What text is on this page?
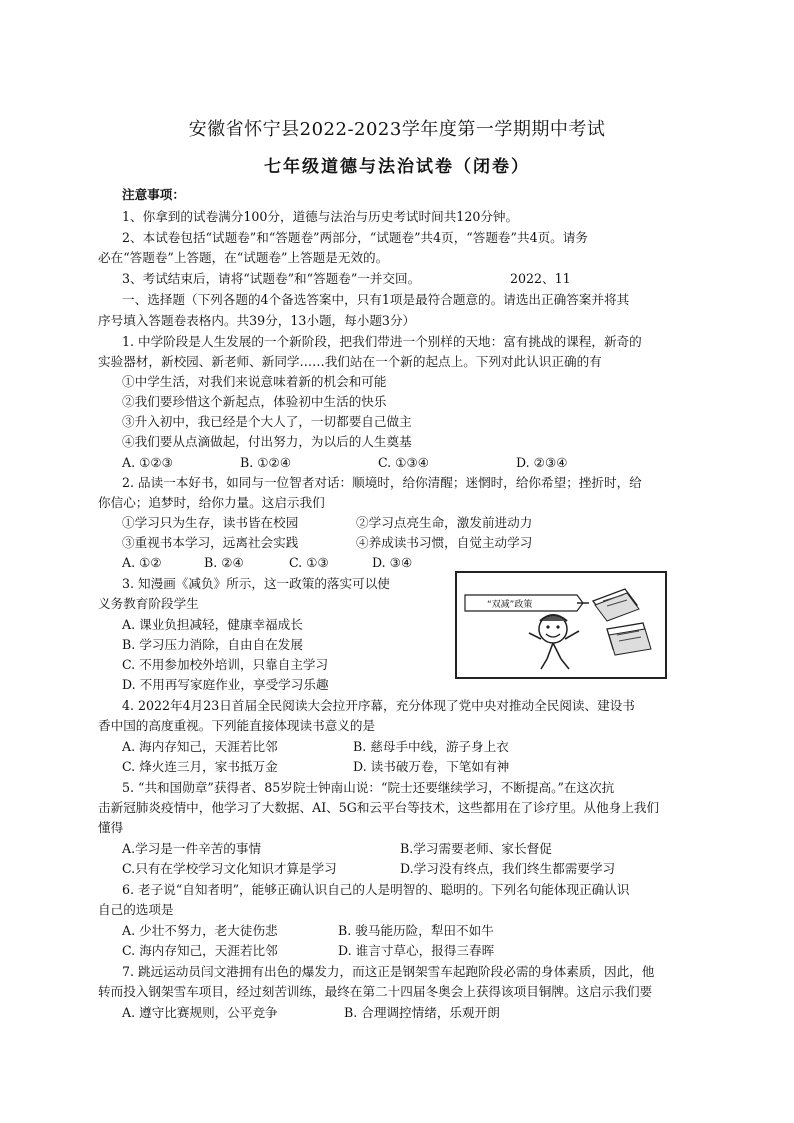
安徽省怀宁县2022-2023学年度第一学期期中考试
七年级道德与法治试卷（闭卷）
注意事项：
1、你拿到的试卷满分100分，道德与法治与历史考试时间共120分钟。
2、本试卷包括“试题卷”和“答题卷”两部分，“试题卷”共4页，“答题卷”共4页。请务
必在“答题卷”上答题，在“试题卷”上答题是无效的。
3、考试结束后，请将“试题卷”和“答题卷”一并交回。	2022、11
一、选择题（下列各题的4个备选答案中，只有1项是最符合题意的。请选出正确答案并将其
序号填入答题卷表格内。共39分，13小题，每小题3分）
1. 中学阶段是人生发展的一个新阶段，把我们带进一个别样的天地：富有挑战的课程，新奇的
实验器材，新校园、新老师、新同学……我们站在一个新的起点上。下列对此认识正确的有
①中学生活，对我们来说意味着新的机会和可能
②我们要珍惜这个新起点，体验初中生活的快乐
③升入初中，我已经是个大人了，一切都要自己做主
④我们要从点滴做起，付出努力，为以后的人生奠基
A. ①②③	B. ①②④	C. ①③④	D. ②③④
2. 品读一本好书，如同与一位智者对话：顺境时，给你清醒；迷惘时，给你希望；挫折时，给
你信心；追梦时，给你力量。这启示我们
①学习只为生存，读书皆在校园	②学习点亮生命，激发前进动力
③重视书本学习，远离社会实践	④养成读书习惯，自觉主动学习
A. ①②	B. ②④	C. ①③	D. ③④
3. 知漫画《减负》所示，这一政策的落实可以使
义务教育阶段学生
A. 课业负担减轻，健康幸福成长
B. 学习压力消除，自由自在发展
C. 不用参加校外培训，只靠自主学习
D. 不用再写家庭作业，享受学习乐趣
“双减”政策
4. 2022年4月23日首届全民阅读大会拉开序幕，充分体现了党中央对推动全民阅读、建设书
香中国的高度重视。下列能直接体现读书意义的是
A. 海内存知己，天涯若比邻	B. 慈母手中线，游子身上衣
C. 烽火连三月，家书抵万金	D. 读书破万卷，下笔如有神
5. “共和国勋章”获得者、85岁院士钟南山说：“院士还要继续学习，不断提高。”在这次抗
击新冠肺炎疫情中，他学习了大数据、AI、5G和云平台等技术，这些都用在了诊疗里。从他身上我们
懂得
A.学习是一件辛苦的事情	B.学习需要老师、家长督促
C.只有在学校学习文化知识才算是学习	D.学习没有终点，我们终生都需要学习
6. 老子说“自知者明”，能够正确认识自己的人是明智的、聪明的。下列名句能体现正确认识
自己的选项是
A. 少壮不努力，老大徒伤悲	B. 骏马能历险，犁田不如牛
C. 海内存知己，天涯若比邻	D. 谁言寸草心，报得三春晖
7. 跳远运动员闫文港拥有出色的爆发力，而这正是钢架雪车起跑阶段必需的身体素质，因此，他
转而投入钢架雪车项目，经过刻苦训练，最终在第二十四届冬奥会上获得该项目铜牌。这启示我们要
A. 遵守比赛规则，公平竞争	B. 合理调控情绪，乐观开朗
